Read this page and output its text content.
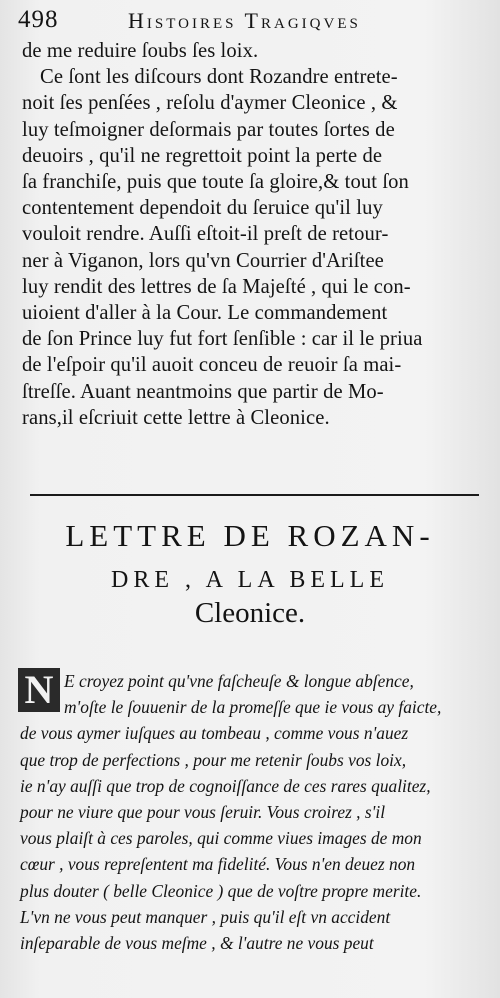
498	Histoires Tragiqves
de me reduire ſoubs ſes loix.
Ce ſont les diſcours dont Rozandre entrete-
noit ſes penſées , reſolu d'aymer Cleonice , &
luy teſmoigner deſormais par toutes ſortes de
deuoirs , qu'il ne regrettoit point la perte de
ſa franchiſe, puis que toute ſa gloire,& tout ſon
contentement dependoit du ſeruice qu'il luy
vouloit rendre. Auſſi eſtoit-il preſt de retour-
ner à Viganon, lors qu'vn Courrier d'Ariſtee
luy rendit des lettres de ſa Majeſté , qui le con-
uioient d'aller à la Cour. Le commandement
de ſon Prince luy fut fort ſenſible : car il le priua
de l'eſpoir qu'il auoit conceu de reuoir ſa mai-
ſtreſſe. Auant neantmoins que partir de Mo-
rans,il eſcriuit cette lettre à Cleonice.
LETTRE DE ROZAN-
DRE , A LA BELLE
Cleonice.
N E croyez point qu'vne faſcheuſe & longue abſence,
m'oſte le ſouuenir de la promeſſe que ie vous ay faicte,
de vous aymer iuſques au tombeau , comme vous n'auez
que trop de perfections , pour me retenir ſoubs vos loix,
ie n'ay auſſi que trop de cognoiſſance de ces rares qualitez,
pour ne viure que pour vous ſeruir. Vous croirez , s'il
vous plaiſt à ces paroles, qui comme viues images de mon
cœur , vous repreſentent ma fidelité. Vous n'en deuez non
plus douter ( belle Cleonice ) que de voſtre propre merite.
L'vn ne vous peut manquer , puis qu'il eſt vn accident
inſeparable de vous meſme , & l'autre ne vous peut
